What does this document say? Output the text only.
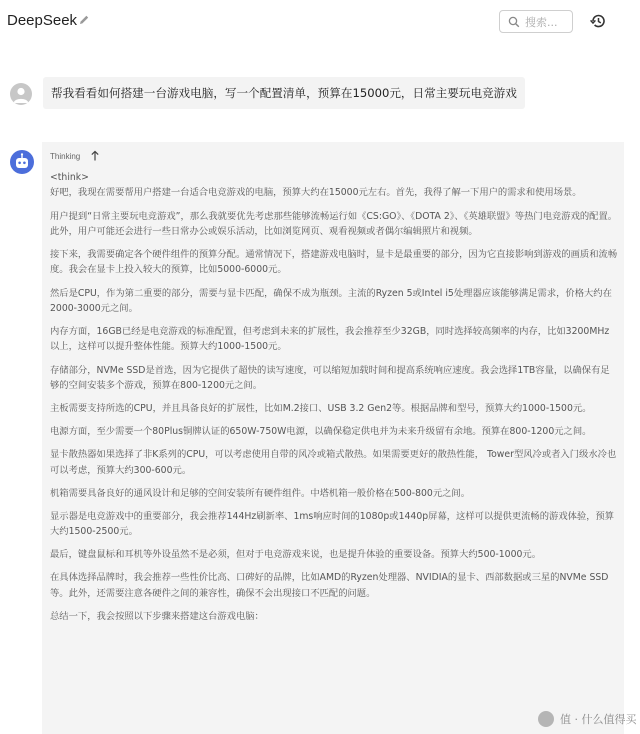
DeepSeek
搜索...
帮我看看如何搭建一台游戏电脑，写一个配置清单，预算在15000元，日常主要玩电竞游戏

<think>

好吧，我现在需要帮用户搭建一台适合电竞游戏的电脑，预算大约在15000元左右。首先，我得了解一下用户的需求和使用场景。

用户提到“日常主要玩电竞游戏”，那么我就要优先考虑那些能够流畅运行如《CS:GO》、《DOTA 2》、《英雄联盟》等热门电竞游戏的配置。此外，用户可能还会进行一些日常办公或娱乐活动，比如浏览网页、观看视频或者偶尔编辑照片和视频。

接下来，我需要确定各个硬件组件的预算分配。通常情况下，搭建游戏电脑时，显卡是最重要的部分，因为它直接影响到游戏的画质和流畅度。我会在显卡上投入较大的预算，比如5000-6000元。

然后是CPU，作为第二重要的部分，需要与显卡匹配，确保不成为瓶颈。主流的Ryzen 5或Intel i5处理器应该能够满足需求，价格大约在2000-3000元之间。

内存方面，16GB已经是电竞游戏的标准配置，但考虑到未来的扩展性，我会推荐至少32GB，同时选择较高频率的内存，比如3200MHz以上，这样可以提升整体性能。预算大约1000-1500元。

存储部分，NVMe SSD是首选，因为它提供了超快的读写速度，可以缩短加载时间和提高系统响应速度。我会选择1TB容量，以确保有足够的空间安装多个游戏，预算在800-1200元之间。

主板需要支持所选的CPU，并且具备良好的扩展性，比如M.2接口、USB 3.2 Gen2等。根据品牌和型号，预算大约1000-1500元。

电源方面，至少需要一个80Plus铜牌认证的650W-750W电源，以确保稳定供电并为未来升级留有余地。预算在800-1200元之间。

显卡散热器如果选择了非K系列的CPU，可以考虑使用自带的风冷或箱式散热。如果需要更好的散热性能， Tower型风冷或者入门级水冷也可以考虑，预算大约300-600元。

机箱需要具备良好的通风设计和足够的空间安装所有硬件组件。中塔机箱一般价格在500-800元之间。

显示器是电竞游戏中的重要部分，我会推荐144Hz刷新率、1ms响应时间的1080p或1440p屏幕，这样可以提供更流畅的游戏体验，预算大约1500-2500元。

最后，键盘鼠标和耳机等外设虽然不是必须，但对于电竞游戏来说，也是提升体验的重要设备。预算大约500-1000元。

在具体选择品牌时，我会推荐一些性价比高、口碑好的品牌，比如AMD的Ryzen处理器、NVIDIA的显卡、西部数据或三星的NVMe SSD等。此外，还需要注意各硬件之间的兼容性，确保不会出现接口不匹配的问题。

总结一下，我会按照以下步骤来搭建这台游戏电脑：

Thinking
值 · 什么值得买
